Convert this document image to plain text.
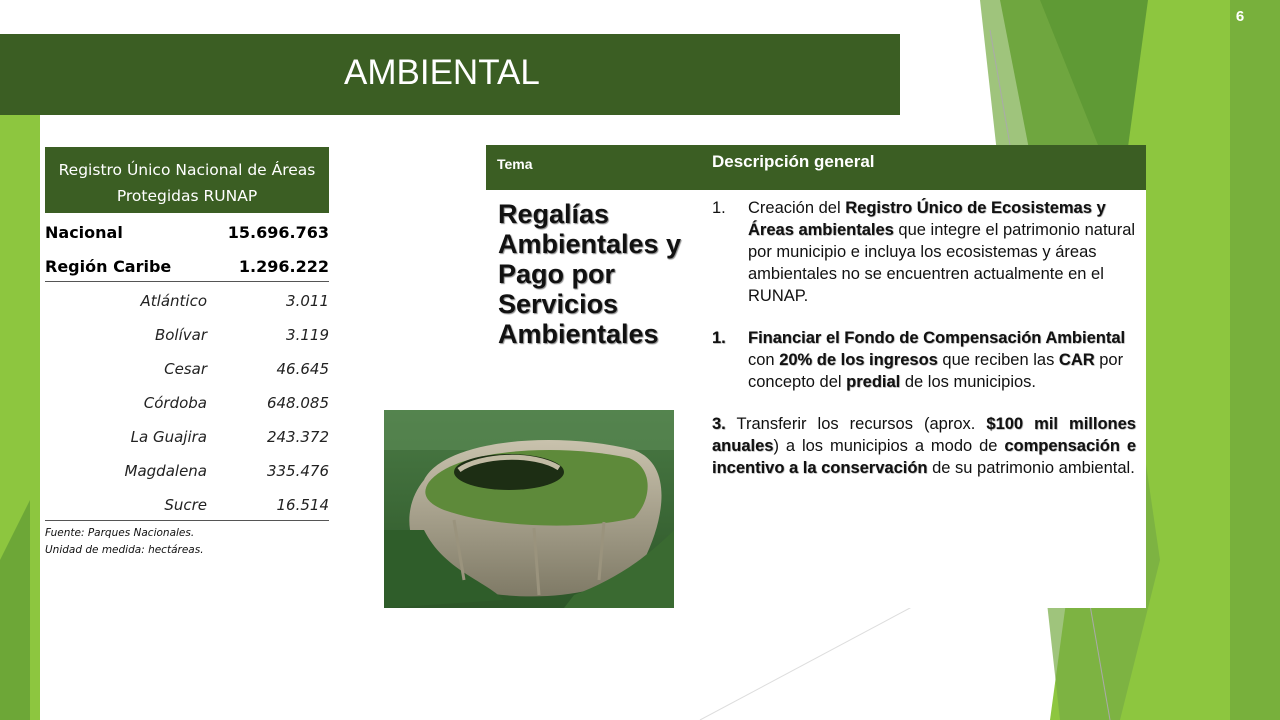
6
AMBIENTAL
Registro Único Nacional de Áreas Protegidas RUNAP
Nacional	15.696.763
Región Caribe	1.296.222
Atlántico	3.011
Bolívar	3.119
Cesar	46.645
Córdoba	648.085
La Guajira	243.372
Magdalena	335.476
Sucre	16.514
Fuente: Parques Nacionales.
Unidad de medida: hectáreas.
Tema	Descripción general
Regalías Ambientales y Pago por Servicios Ambientales
1. Creación del Registro Único de Ecosistemas y Áreas ambientales que integre el patrimonio natural por municipio e incluya los ecosistemas y áreas ambientales no se encuentren actualmente en el RUNAP.
1. Financiar el Fondo de Compensación Ambiental con 20% de los ingresos que reciben las CAR por concepto del predial de los municipios.
3. Transferir los recursos (aprox. $100 mil millones anuales) a los municipios a modo de compensación e incentivo a la conservación de su patrimonio ambiental.
